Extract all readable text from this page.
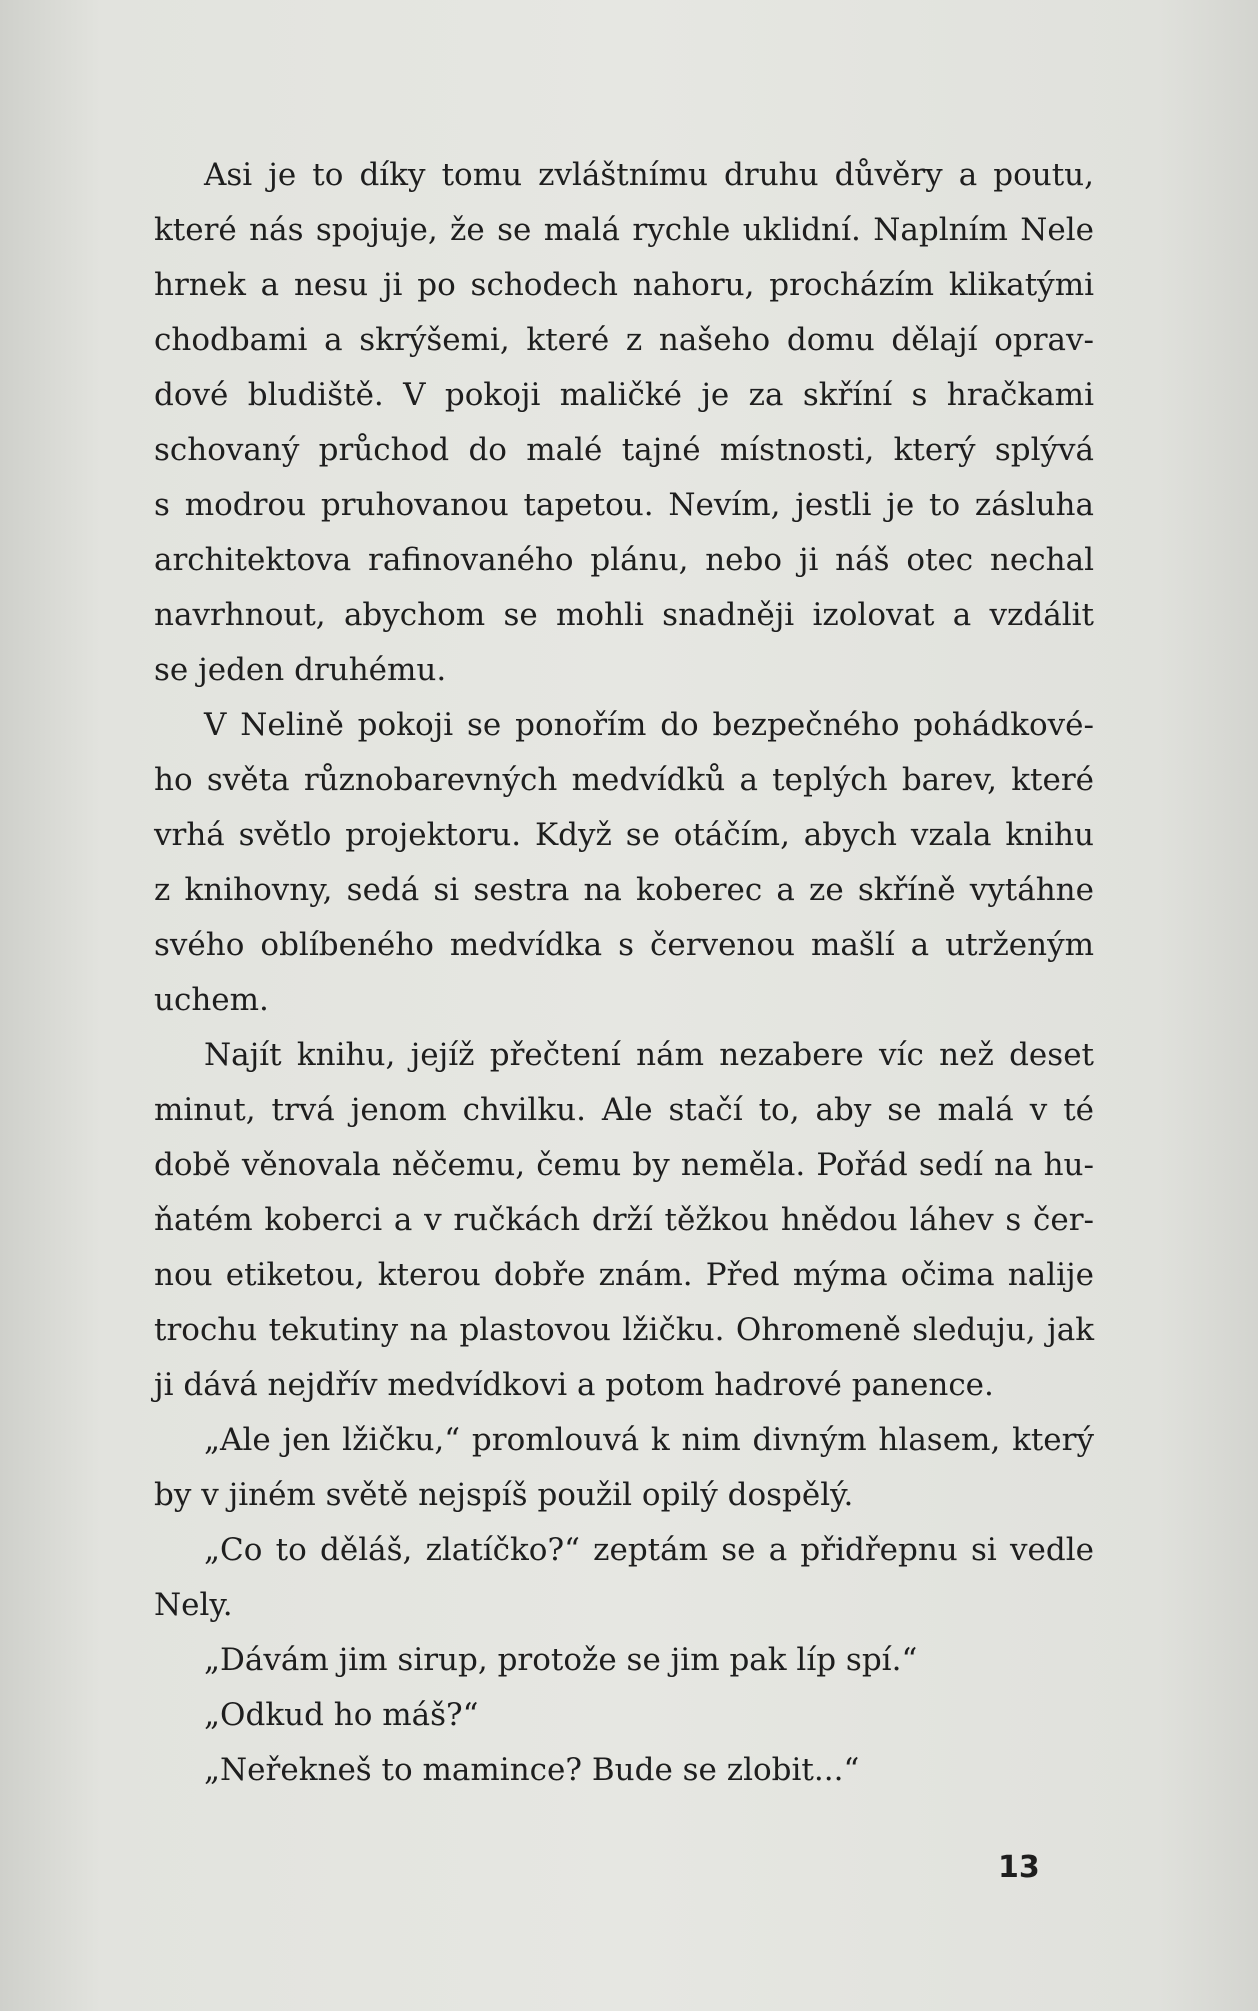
Asi je to díky tomu zvláštnímu druhu důvěry a poutu,
které nás spojuje, že se malá rychle uklidní. Naplním Nele
hrnek a nesu ji po schodech nahoru, procházím klikatými
chodbami a skrýšemi, které z našeho domu dělají oprav-
dové bludiště. V pokoji maličké je za skříní s hračkami
schovaný průchod do malé tajné místnosti, který splývá
s modrou pruhovanou tapetou. Nevím, jestli je to zásluha
architektova rafinovaného plánu, nebo ji náš otec nechal
navrhnout, abychom se mohli snadněji izolovat a vzdálit
se jeden druhému.
V Nelině pokoji se ponořím do bezpečného pohádkové-
ho světa různobarevných medvídků a teplých barev, které
vrhá světlo projektoru. Když se otáčím, abych vzala knihu
z knihovny, sedá si sestra na koberec a ze skříně vytáhne
svého oblíbeného medvídka s červenou mašlí a utrženým
uchem.
Najít knihu, jejíž přečtení nám nezabere víc než deset
minut, trvá jenom chvilku. Ale stačí to, aby se malá v té
době věnovala něčemu, čemu by neměla. Pořád sedí na hu-
ňatém koberci a v ručkách drží těžkou hnědou láhev s čer-
nou etiketou, kterou dobře znám. Před mýma očima nalije
trochu tekutiny na plastovou lžičku. Ohromeně sleduju, jak
ji dává nejdřív medvídkovi a potom hadrové panence.
„Ale jen lžičku,“ promlouvá k nim divným hlasem, který
by v jiném světě nejspíš použil opilý dospělý.
„Co to děláš, zlatíčko?“ zeptám se a přidřepnu si vedle
Nely.
„Dávám jim sirup, protože se jim pak líp spí.“
„Odkud ho máš?“
„Neřekneš to mamince? Bude se zlobit...“
13
